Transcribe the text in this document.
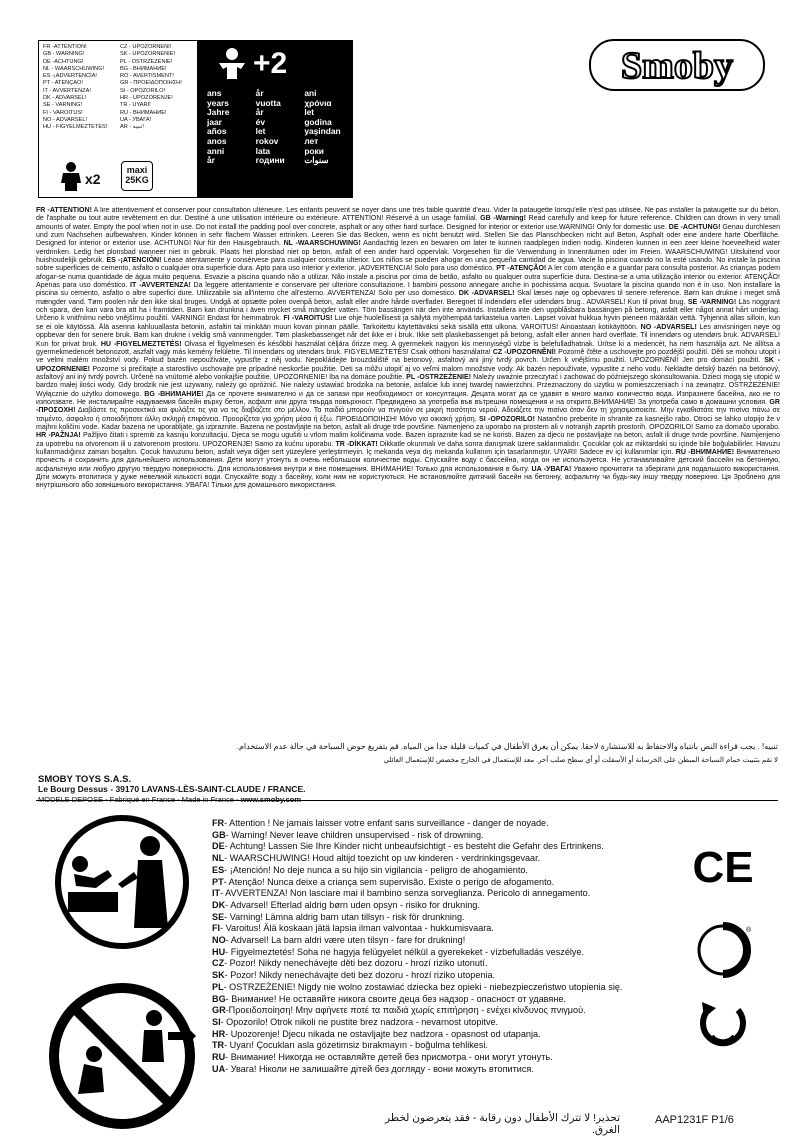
FR -ATTENTION!
GB - WARNING!
DE -ACHTUNG!
NL - WAARSCHUWING!
ES -¡ADVERTENCIA!
PT - ATENÇÃO!
IT - AVVERTENZA!
DK - ADVARSEL!
SE - VARNING!
FI - VAROITUS!
NO - ADVARSEL!
HU - FIGYELMEZTETES!
CZ - UPOZORNĚNÍ!
SK - UPOZORNENIE!
PL - OSTRZEŻENIE!
BG - ВНИМАНИЕ!
RO - AVERTISMENT!
GR - ΠΡΟΕΙΔΟΠΟΙΗΣΗ!
SI - OPOZORILO!
HR - UPOZORENJE!
TR - UYARI!
RU - ВНИМАНИЕ!
UA - УВАГА!
AR - تنبيه!
x2
maxi
25KG
+2
ans
years
Jahre
jaar
años
anos
anni
år
år
vuotta
år
év
let
rokov
lata
години
ani
χρόνια
let
godina
yaşindan
лет
роки
سنوات
Smoby
FR -ATTENTION! A lire attentivement et conserver pour consultation ultérieure. Les enfants peuvent se noyer dans une très faible quantité d'eau. Vider la pataugette lorsqu'elle n'est pas utilisée. Ne pas installer la pataugette sur du béton, de l'asphalte ou tout autre revêtement en dur. Destiné à une utilisation intérieure ou extérieure. ATTENTION! Réservé à un usage familial. GB -Warning! Read carefully and keep for future reference. Children can drown in very small amounts of water. Empty the pool when not in use. Do not install the padding pool over concrete, asphalt or any other hard surface. Designed for interior or exterior use.WARNING! Only for domestic use. DE -ACHTUNG! Genau durchlesen und zum Nachsehen aufbewahren. Kinder können in sehr flachem Wasser ertrinken. Leeren Sie das Becken, wenn es nicht benutzt wird. Stellen Sie das Planschbecken nicht auf Beton, Asphalt oder eine andere harte Oberfläche. Designed for interior or exterior use. ACHTUNG! Nur für den Hausgebrauch. NL -WAARSCHUWING! Aandachtig lezen en bewaren om later te kunnen raadplegen indien nodig. Kinderen kunnen in een zeer kleine hoeveelheid water verdrinken. Ledig het plonsbad wanneer niet in gebruik. Plaats het plonsbad niet op beton, asfalt of een ander hard oppervlak. Vorgesehen für die Verwendung in Innenräumen oder im Freien. WAARSCHUWING! Uitsluitend voor huishoudelijk gebruik. ES -¡ATENCIÓN! Léase atentamente y consérvese para cualquier consulta ulterior. Los niños se pueden ahogar en una pequeña cantidad de agua. Vacíe la piscina cuando no la esté usando. No instale la piscina sobre superficies de cemento, asfalto o cualquier otra superficie dura. Apto para uso interior y exterior. ¡ADVERTENCIA! Solo para uso doméstico. PT -ATENÇÃO! A ler com atenção e a guardar para consulta posterior. As crianças podem afogar-se numa quantidade de água muito pequena. Esvazie a piscina quando não a utilizar. Não instale a piscina por cima de betão, asfalto ou qualquer outra superfície dura. Destina-se a uma utilização interior ou exterior. ATENÇÃO! Apenas para uso doméstico. IT -AVVERTENZA! Da leggere attentamente e conservare per ulteriore consultazione. I bambini possono annegare anche in pochissima acqua. Svuotare la piscina quando non è in uso. Non installare la piscina su cemento, asfalto o altre superfici dure. Utilizzabile sia all'interno che all'esterno. AVVERTENZA! Solo per uso domestico. DK -ADVARSEL! Skal læses nøje og opbevares til senere reference. Børn kan drukne i meget små mængder vand. Tøm poolen når den ikke skal bruges. Undgå at opsætte polen ovenpå beton, asfalt eller andre hårde overflader. Beregnet til indendørs eller udendørs brug.. ADVARSEL! Kun til privat brug. SE -VARNING! Läs noggrant och spara, den kan vara bra att ha i framtiden. Barn kan drunkna i även mycket små mängder vatten. Töm bassängen när den inte används. Installera inte den uppblåsbara bassängen på betong, asfalt eller något annat hårt underlag. Určeno k vnitřnímu nebo vnějšímu použití. VARNING! Endast för hemmabruk. FI -VAROITUS! Lue ohje huolellisesti ja säilytä myöhempää tarkastelua varten. Lapset voivat hukkua hyvin pieneen määrään vettä. Tyhjennä allas silloin, kun se ei ole käytössä. Älä asenna kahluuallasta betonin, asfaltin tai minkään muun kovan pinnan päälle. Tarkoitettu käytettäväksi sekä sisällä että ulkona. VAROITUS! Ainoastaan kotikäyttöön. NO -ADVARSEL! Les anvisningen nøye og oppbevar den for senere bruk. Barn kan drukne i veldig små vannmengder. Tøm plaskebassenget når det ikke er i bruk. Ikke sett plaskebassenget på betong, asfalt eller annen hard overflate. Til innendørs og utendørs bruk. ADVARSEL! Kun for privat bruk. HU -FIGYELMEZTETÉS! Olvasa el figyelmesen és későbbi használat céljára őrizze meg. A gyermekek nagyon kis mennyiségű vízbe is belefulladhatnak. Ürítse ki a medencét, ha nem használja azt. Ne állítsa a gyermekmedencét betonozott, aszfalt vagy más kemény felületre. Til innendørs og utendørs bruk. FIGYELMEZTETÉS! Csak otthoni használatra! CZ -UPOZORNĚNÍ! Pozorně čtěte a uschovejte pro pozdější použití. Děti se mohou utopit i ve velmi malém množství vody. Pokud bazén nepoužíváte, vypusťte z něj vodu. Nepokládejte brouzdaliště na betonový, asfaltový ani jiný tvrdý povrch. Určen k vnějšímu použití. UPOZORNĚNÍ! Jen pro domácí použití. SK -UPOZORNENIE! Pozorne si prečítajte a starostlivo uschovajte pre prípadné neskoršie použitie. Deti sa môžu utopiť aj vo veľmi malom množstve vody. Ak bazén nepoužívate, vypustite z neho vodu. Nekladte detský bazén na betónový, asfaltový ani iný tvrdý povrch. Určené na vnútorné alebo vonkajšie použitie. UPOZORNENIE! Iba na domáce použitie. PL -OSTRZEŻENIE! Należy uważnie przeczytać i zachować do późniejszego skonsultowania. Dzieci mogą się utopić w bardzo małej ilości wody. Gdy brodzik nie jest używany, należy go opróżnić. Nie należy ustawiać brodzika na betonie, asfalcie lub innej twardej nawierzchni. Przeznaczony do użytku w pomieszczeniach i na zewnątrz. OSTRZEŻENIE! Wyłącznie do użytku domowego. BG -ВНИМАНИЕ! Да се прочете внимателно и да се запази при необходимост от консултация. Децата могат да се удавят в много малко количество вода. Изпразнете басейна, ако не го използвате. Не инсталирайте надуваемия басейн върху бетон, асфалт или друга твърда повърхност. Предвидено за употреба във вътрешни помещения и на открито.ВНИМАНИЕ! За употреба само в домашни условия. GR -ΠΡΟΣΟΧΗ! Διαβάστε τις προσεκτικά και φυλάξτε τις για να τις διαβάζετε στο μέλλον. Τα παιδιά μπορούν να πνιγούν σε μικρή ποσότητα νερού. Αδειάζετε την πισίνα όταν δεν τη χρησιμοποιείτε. Μην εγκαθιστάτε την πισίνα πάνω σε τσιμέντο, άσφαλτο ή οποιαδήποτε άλλη σκληρή επιφάνεια. Προορίζεται για χρήση μέσα ή έξω. ΠΡΟΕΙΔΟΠΟΙΗΣΗ! Μόνο για οικιακή χρήση. SI -OPOZORILO! Natančno preberite in shranite za kasnejšo rabo. Otroci se lahko utopijo že v majhni količini vode. Kadar bazena ne uporabljate, ga izpraznite. Bazena ne postavljajte na beton, asfalt ali druge trde površine. Namenjeno za uporabo na prostem ali v notranjih zaprtih prostorih. OPOZORILO! Samo za domačo uporabo. HR -PAŽNJA! Pažljivo čitati i spremiti za kasniju konzultaciju. Djeca se mogu ugušiti u vrlom malim količinama vode. Bazen ispraznite kad se ne koristi. Bazen za djecu ne postavljajte na beton, asfalt ili druge tvrde površine. Namijenjeno za upotrebu na otvorenom ili u zatvorenom prostoru. UPOZORENJE! Samo za kućnu uporabu. TR -DİKKAT! Dikkatle okunmalı ve daha sonra danışmak üzere saklanmalıdır. Çocuklar çok az miktardaki su içinde bile boğulabilirler. Havuzu kullanmadığınız zaman boşaltın. Çocuk havuzunu beton, asfalt veya diğer sert yüzeylere yerleştirmeyin. İç mekanda veya dış mekanda kullanım için tasarlanmıştır. UYARI! Sadece ev içi kullanımlar için. RU -ВНИМАНИЕ! Внимательно прочесть и сохранить для дальнейшего использования. Дети могут утонуть в очень небольшом количестве воды. Спускайте воду с бассейна, когда он не используется. Не устанавливайте детский бассейн на бетонную, асфальтную или любую другую твердую поверхность. Для использования внутри и вне помещения. ВНИМАНИЕ! Только для использования в быту. UA -УВАГА! Уважно прочитати та зберігати для подальшого використання. Діти можуть втопитися у дуже невеликій кількості води. Спускайте воду з басейну, коли ним не користуються. Не встановлюйте дитячий басейн на бетонну, асфальтну чи будь-яку іншу тверду поверхню. Ця Зроблено для внутрішнього або зовнішнього використання. УВАГА! Тільки для домашнього використання.
تنبيه! . يجب قراءة النص بانتباه والاحتفاظ به للاستشارة لاحقا. يمكن أن يغرق الأطفال في كميات قليلة جدا من المياه. قم بتفريغ حوض السباحة في حالة عدم الاستخدام.
لا تقم بتثبيت حمام السباحة المبطن على الخرسانة أو الأسفلت أو أي سطح صلب آخر. معد للإستعمال في الخارج مخصص للإستعمال العائلي
SMOBY TOYS S.A.S.
Le Bourg Dessus - 39170 LAVANS-LÈS-SAINT-CLAUDE / FRANCE.
MODELE DEPOSE - Fabriqué en France - Made in France - www.smoby.com
FR- Attention ! Ne jamais laisser votre enfant sans surveillance - danger de noyade.
GB- Warning! Never leave children unsupervised - risk of drowning.
DE- Achtung! Lassen Sie Ihre Kinder nicht unbeaufsichtigt - es besteht die Gefahr des Ertrinkens.
NL- WAARSCHUWING! Houd altijd toezicht op uw kinderen - verdrinkingsgevaar.
ES- ¡Atención! No deje nunca a su hijo sin vigilancia - peligro de ahogamiento.
PT- Atenção! Nunca deixe a criança sem supervisão. Existe o perigo de afogamento.
IT- AVVERTENZA! Non lasciare mai il bambino senza sorveglianza. Pericolo di annegamento.
DK- Advarsel! Efterlad aldrig børn uden opsyn - risiko for drukning.
SE- Varning! Lämna aldrig barn utan tillsyn - risk för drunkning.
FI- Varoitus! Älä koskaan jätä lapsia ilman valvontaa - hukkumisvaara.
NO- Advarsel! La barn aldri være uten tilsyn - fare for drukning!
HU- Figyelmeztetés! Soha ne hagyja felügyelet nélkül a gyerekeket - vízbefulladás veszélye.
CZ- Pozor! Nikdy nenechávejte děti bez dozoru - hrozí riziko utonutí.
SK- Pozor! Nikdy nenechávajte deti bez dozoru - hrozí riziko utopenia.
PL- OSTRZEŻENIE! Nigdy nie wolno zostawiać dziecka bez opieki - niebezpieczeństwo utopienia się.
BG- Внимание! Не оставяйте никога своите деца без надзор - опасност от удавяне.
GR-Προειδοποίηση! Μην αφήνετε ποτέ τα παιδιά χωρίς επιτήρηση - ενέχει κίνδυνος πνιγμού.
SI- Opozorilo! Otrok nikoli ne pustite brez nadzora - nevarnost utopitve.
HR- Upozorenje! Djecu nikada ne ostavljajte bez nadzora - opasnost od utapanja.
TR- Uyarı! Çocukları asla gözetimsiz bırakmayın - boğulma tehlikesi.
RU- Внимание! Никогда не оставляйте детей без присмотра - они могут утонуть.
UA- Увага! Ніколи не залишайте дітей без догляду - вони можуть втопитися.
تحذير! لا تترك الأطفال دون رقابة - فقد يتعرضون لخطر الغرق.
CE
®
AAP1231F P1/6
